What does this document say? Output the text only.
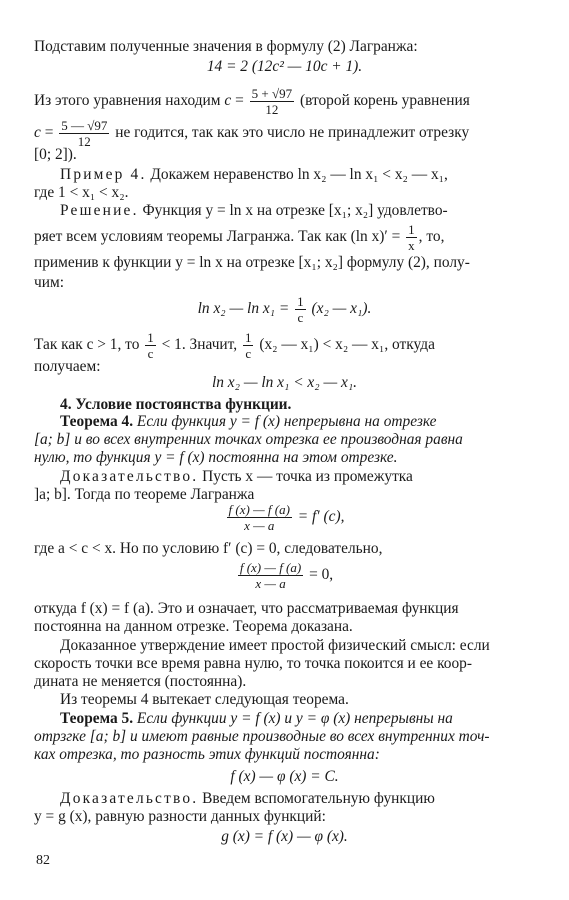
Подставим полученные значения в формулу (2) Лагранжа:
14 = 2 (12c² — 10c + 1).
Из этого уравнения находим $c = \frac{5 + √97}{12}$ (второй корень уравнения
$c = \frac{5 — √97}{12}$ не годится, так как это число не принадлежит отрезку
[0; 2]).
Пример 4. Докажем неравенство ln x₂ — ln x₁ < x₂ — x₁,
где 1 < x₁ < x₂.
Решение. Функция y = ln x на отрезке [x₁; x₂] удовлетво-
ряет всем условиям теоремы Лагранжа. Так как (ln $x)' = \frac{1}{x}$ , то,
применив к функции y = ln x на отрезке [x₁; x₂] формулу (2), полу-
чим:
ln x₂ — $\ln x_1 = \frac{1}{c} (x_2$ — x₁).
Так как c > 1, то $\frac{1}{c} < 1$. Значит, $\frac{1}{c} (x_2$ — x₁) < x₂ — x₁, откуда
получаем:
ln x₂ — ln x₁ < x₂ — x₁.
4. Условие постоянства функции.
Теорема 4. Если функция y = f (x) непрерывна на отрезке
[a; b] и во всех внутренних точках отрезка ее производная равна
нулю, то функция y = f (x) постоянна на этом отрезке.
Доказательство. Пусть x — точка из промежутка
]a; b]. Тогда по теореме Лагранжа
$\frac{f (x) — f (a)}{x — a} = f'$ (c),
где a < c < x. Но по условию f′ (c) = 0, следовательно,
$\frac{f (x) — f (a)}{x — a} = 0$,
откуда f (x) = f (a). Это и означает, что рассматриваемая функция
постоянна на данном отрезке. Теорема доказана.
Доказанное утверждение имеет простой физический смысл: если
скорость точки все время равна нулю, то точка покоится и ее коор-
дината не меняется (постоянна).
Из теоремы 4 вытекает следующая теорема.
Теорема 5. Если функции y = f (x) и y = φ (x) непрерывны на
отрзгке [a; b] и имеют равные производные во всех внутренних точ-
ках отрезка, то разность этих функций постоянна:
f (x) — φ (x) = C.
Доказательство. Введем вспомогательную функцию
y = g (x), равную разности данных функций:
g (x) = f (x) — φ (x).
82
